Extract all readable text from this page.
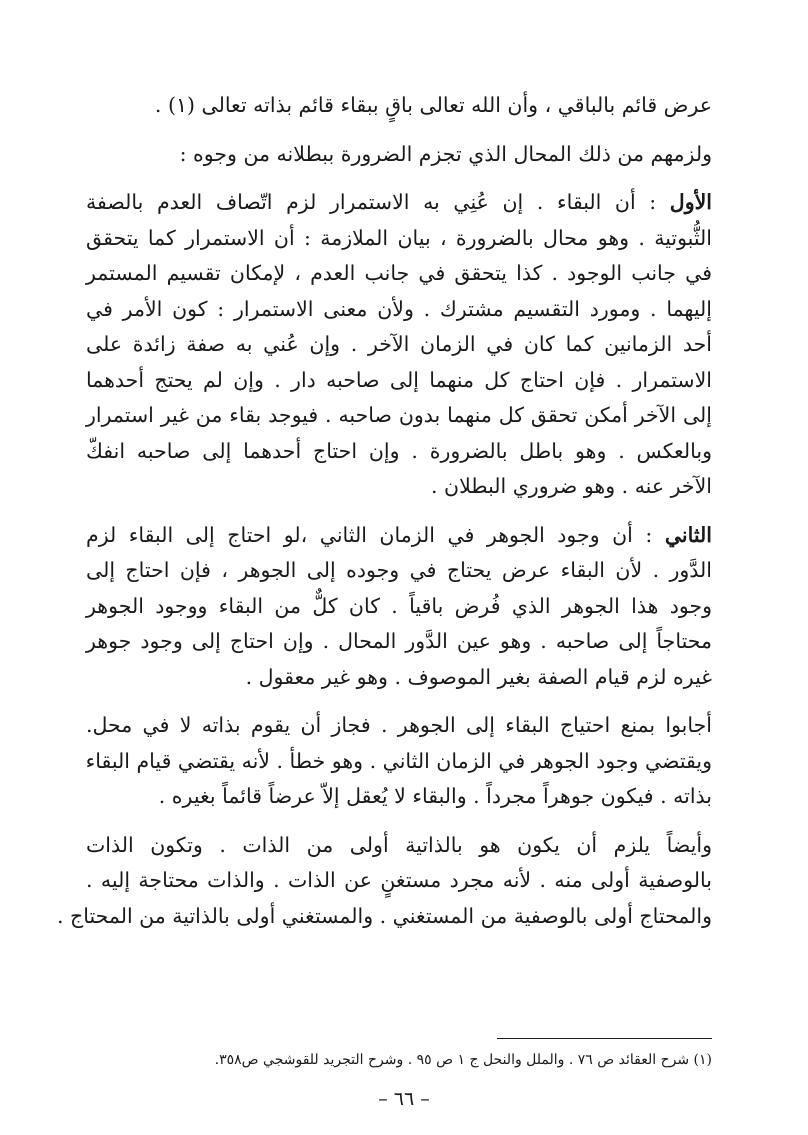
عرض قائم بالباقي ، وأن الله تعالى باقٍ ببقاء قائم بذاته تعالى (١) .
ولزمهم من ذلك المحال الذي تجزم الضرورة ببطلانه من وجوه :
الأول : أن البقاء . إن عُنِي به الاستمرار لزم اتّصاف العدم بالصفة
الثُّبوتية . وهو محال بالضرورة ، بيان الملازمة : أن الاستمرار كما يتحقق
في جانب الوجود . كذا يتحقق في جانب العدم ، لإمكان تقسيم المستمر
إليهما . ومورد التقسيم مشترك . ولأن معنى الاستمرار : كون الأمر في
أحد الزمانين كما كان في الزمان الآخر . وإن عُني به صفة زائدة على
الاستمرار . فإن احتاج كل منهما إلى صاحبه دار . وإن لم يحتج أحدهما
إلى الآخر أمكن تحقق كل منهما بدون صاحبه . فيوجد بقاء من غير استمرار
وبالعكس . وهو باطل بالضرورة . وإن احتاج أحدهما إلى صاحبه انفكّ
الآخر عنه . وهو ضروري البطلان .
الثاني : أن وجود الجوهر في الزمان الثاني ،لو احتاج إلى البقاء لزم
الدَّور . لأن البقاء عرض يحتاج في وجوده إلى الجوهر ، فإن احتاج إلى
وجود هذا الجوهر الذي فُرض باقياً . كان كلٌّ من البقاء ووجود الجوهر
محتاجاً إلى صاحبه . وهو عين الدَّور المحال . وإن احتاج إلى وجود جوهر
غيره لزم قيام الصفة بغير الموصوف . وهو غير معقول .
أجابوا بمنع احتياج البقاء إلى الجوهر . فجاز أن يقوم بذاته لا في محل.
ويقتضي وجود الجوهر في الزمان الثاني . وهو خطأ . لأنه يقتضي قيام البقاء
بذاته . فيكون جوهراً مجرداً . والبقاء لا يُعقل إلاّ عرضاً قائماً بغيره .
وأيضاً يلزم أن يكون هو بالذاتية أولى من الذات . وتكون الذات
بالوصفية أولى منه . لأنه مجرد مستغنٍ عن الذات . والذات محتاجة إليه .
والمحتاج أولى بالوصفية من المستغني . والمستغني أولى بالذاتية من المحتاج .
(١) شرح العقائد ص ٧٦ . والملل والنحل ج ١ ص ٩٥ . وشرح التجريد للقوشجي ص٣٥٨.
– ٦٦ –
